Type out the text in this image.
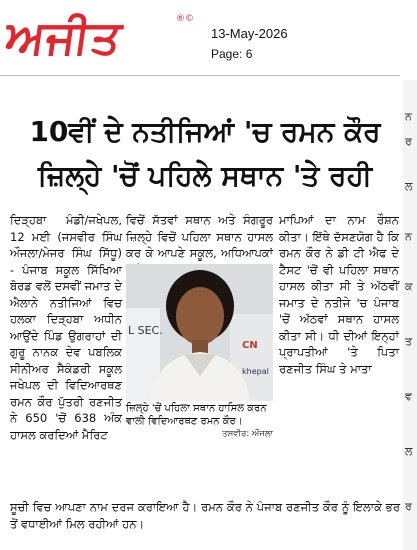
ਅਜੀਤ	®©
13-May-2026
Page: 6
10ਵੀਂ ਦੇ ਨਤੀਜਿਆਂ 'ਚ ਰਮਨ ਕੌਰ
ਜ਼ਿਲ੍ਹੇ 'ਚੋਂ ਪਹਿਲੇ ਸਥਾਨ 'ਤੇ ਰਹੀ
ਦਿੜ੍ਹਬਾ ਮੰਡੀ/ਜਖੇਪਲ, 12 ਮਈ (ਜਸਵੀਰ ਸਿੰਘ ਔਜਲਾ/ਮੇਜਰ ਸਿੰਘ ਸਿੱਧੂ) - ਪੰਜਾਬ ਸਕੂਲ ਸਿੱਖਿਆ ਬੋਰਡ ਵਲੋਂ ਦਸਵੀਂ ਜਮਾਤ ਦੇ ਐਲਾਨੇ ਨਤੀਜਿਆਂ ਵਿਚ ਹਲਕਾ ਦਿੜ੍ਹਬਾ ਅਧੀਨ ਆਉਂਦੇ ਪਿੰਡ ਉਗਰਾਹਾਂ ਦੀ ਗੁਰੂ ਨਾਨਕ ਦੇਵ ਪਬਲਿਕ ਸੀਨੀਅਰ ਸੈਕੰਡਰੀ ਸਕੂਲ ਜਖੇਪਲ ਦੀ ਵਿਦਿਆਰਥਣ ਰਮਨ ਕੌਰ ਪੁੱਤਰੀ ਰਣਜੀਤ ਨੇ 650 'ਚੋਂ 638 ਅੰਕ ਹਾਸਲ ਕਰਦਿਆਂ ਮੈਰਿਟ
ਵਿਚੋਂ ਸੱਤਵਾਂ ਸਥਾਨ ਅਤੇ ਸੰਗਰੂਰ ਜ਼ਿਲ੍ਹੇ ਵਿਚੋਂ ਪਹਿਲਾ ਸਥਾਨ ਹਾਸਲ ਕਰ ਕੇ ਆਪਣੇ ਸਕੂਲ, ਅਧਿਆਪਕਾਂ
L SEC.
CN
khepal
ਜ਼ਿਲ੍ਹੇ 'ਚੋਂ ਪਹਿਲਾ ਸਥਾਨ ਹਾਸਿਲ ਕਰਨ ਵਾਲੀ ਵਿਦਿਆਰਥਣ ਰਮਨ ਕੌਰ।
ਤਸਵੀਰ: ਔਜਲਾ
ਮਾਪਿਆਂ ਦਾ ਨਾਮ ਰੌਸ਼ਨ ਕੀਤਾ। ਇੱਥੇ ਦੱਸਣਯੋਗ ਹੈ ਕਿ ਰਮਨ ਕੌਰ ਨੇ ਡੀ ਟੀ ਐਫ ਦੇ ਟੈਸਟ 'ਚੋਂ ਵੀ ਪਹਿਲਾ ਸਥਾਨ ਹਾਸਲ ਕੀਤਾ ਸੀ ਤੇ ਅੱਠਵੀਂ ਜਮਾਤ ਦੇ ਨਤੀਜੇ 'ਚ ਪੰਜਾਬ 'ਚੋਂ ਅੱਠਵਾਂ ਸਥਾਨ ਹਾਸਲ ਕੀਤਾ ਸੀ। ਧੀ ਦੀਆਂ ਇਨ੍ਹਾਂ ਪ੍ਰਾਪਤੀਆਂ 'ਤੇ ਪਿਤਾ ਰਣਜੀਤ ਸਿੰਘ ਤੇ ਮਾਤਾ
ਸੂਚੀ ਵਿਚ ਆਪਣਾ ਨਾਮ ਦਰਜ ਕਰਾਇਆ ਹੈ। ਰਮਨ ਕੌਰ ਨੇ ਪੰਜਾਬ ਰਣਜੀਤ ਕੌਰ ਨੂੰ ਇਲਾਕੇ ਭਰ ਤੋਂ ਵਧਾਈਆਂ ਮਿਲ ਰਹੀਆਂ ਹਨ।
ਨ
ਰ
ਲ
ਨ
ਕ
ਤ
ਵ
ਲ
ਰ
